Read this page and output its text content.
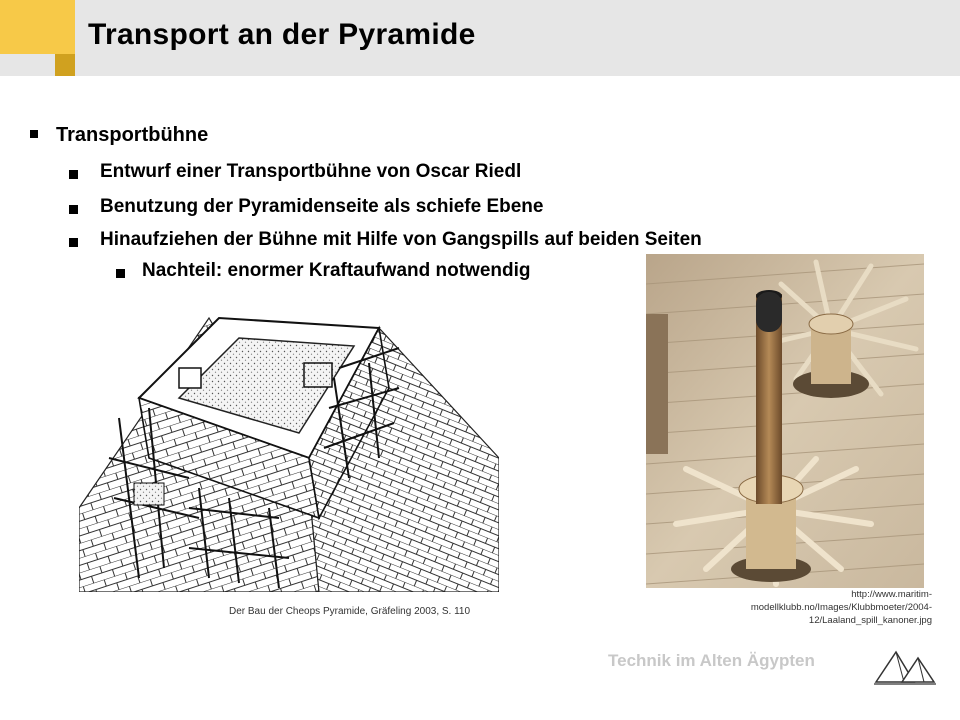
Transport an der Pyramide
Transportbühne
Entwurf einer Transportbühne von Oscar Riedl
Benutzung der Pyramidenseite als schiefe Ebene
Hinaufziehen der Bühne mit Hilfe von Gangspills auf beiden Seiten
Nachteil: enormer Kraftaufwand notwendig
Der Bau der Cheops Pyramide, Gräfeling 2003, S. 110
http://www.maritim-modellklubb.no/Images/Klubbmoeter/2004-12/Laaland_spill_kanoner.jpg
Technik im Alten Ägypten
